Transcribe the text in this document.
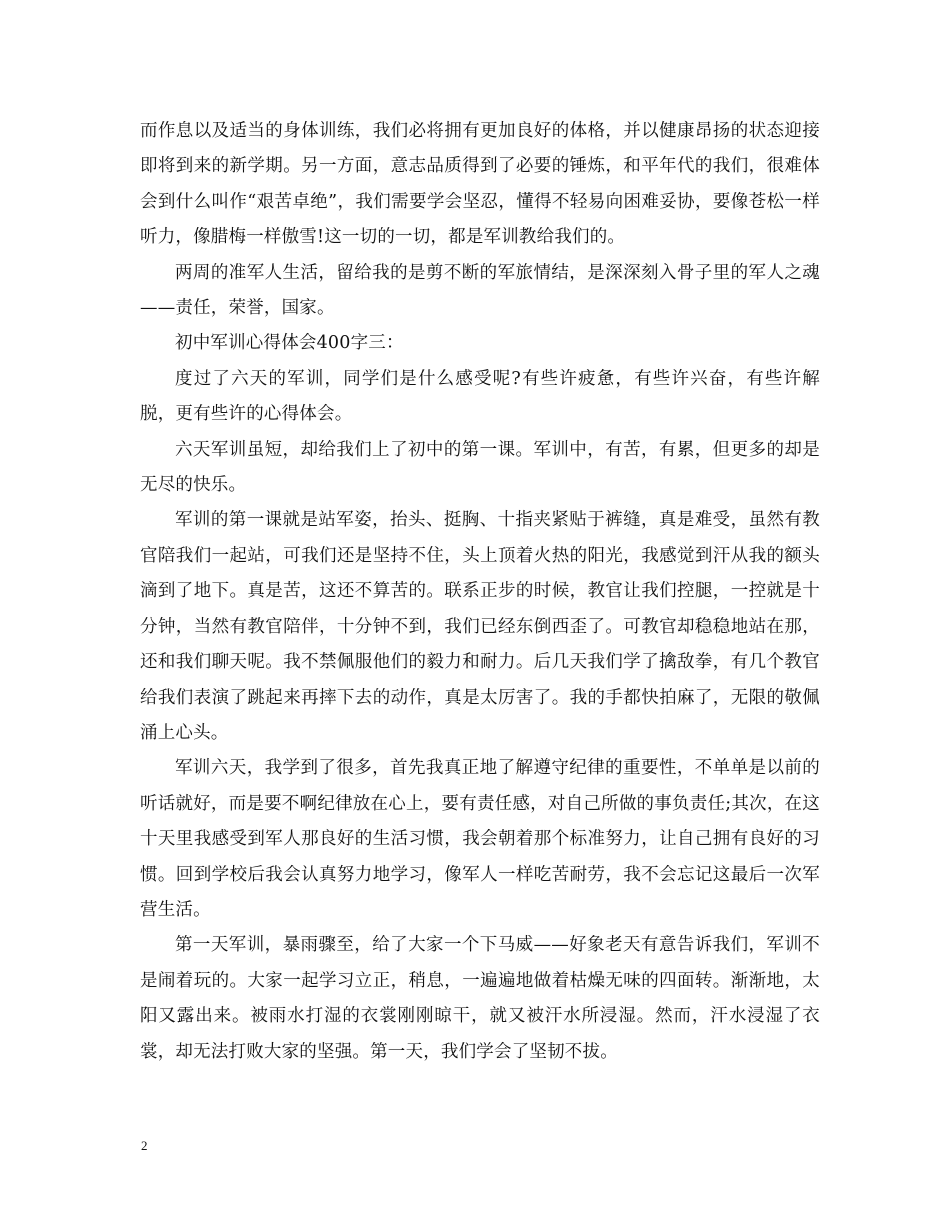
而作息以及适当的身体训练，我们必将拥有更加良好的体格，并以健康昂扬的状态迎接即将到来的新学期。另一方面，意志品质得到了必要的锤炼，和平年代的我们，很难体会到什么叫作“艰苦卓绝”，我们需要学会坚忍，懂得不轻易向困难妥协，要像苍松一样听力，像腊梅一样傲雪!这一切的一切，都是军训教给我们的。

两周的准军人生活，留给我的是剪不断的军旅情结，是深深刻入骨子里的军人之魂——责任，荣誉，国家。

初中军训心得体会400字三：

度过了六天的军训，同学们是什么感受呢?有些许疲惫，有些许兴奋，有些许解脱，更有些许的心得体会。

六天军训虽短，却给我们上了初中的第一课。军训中，有苦，有累，但更多的却是无尽的快乐。

军训的第一课就是站军姿，抬头、挺胸、十指夹紧贴于裤缝，真是难受，虽然有教官陪我们一起站，可我们还是坚持不住，头上顶着火热的阳光，我感觉到汗从我的额头滴到了地下。真是苦，这还不算苦的。联系正步的时候，教官让我们控腿，一控就是十分钟，当然有教官陪伴，十分钟不到，我们已经东倒西歪了。可教官却稳稳地站在那，还和我们聊天呢。我不禁佩服他们的毅力和耐力。后几天我们学了擒敌拳，有几个教官给我们表演了跳起来再摔下去的动作，真是太厉害了。我的手都快拍麻了，无限的敬佩涌上心头。

军训六天，我学到了很多，首先我真正地了解遵守纪律的重要性，不单单是以前的听话就好，而是要不啊纪律放在心上，要有责任感，对自己所做的事负责任;其次，在这十天里我感受到军人那良好的生活习惯，我会朝着那个标准努力，让自己拥有良好的习惯。回到学校后我会认真努力地学习，像军人一样吃苦耐劳，我不会忘记这最后一次军营生活。

第一天军训，暴雨骤至，给了大家一个下马威——好象老天有意告诉我们，军训不是闹着玩的。大家一起学习立正，稍息，一遍遍地做着枯燥无味的四面转。渐渐地，太阳又露出来。被雨水打湿的衣裳刚刚晾干，就又被汗水所浸湿。然而，汗水浸湿了衣裳，却无法打败大家的坚强。第一天，我们学会了坚韧不拔。

2
